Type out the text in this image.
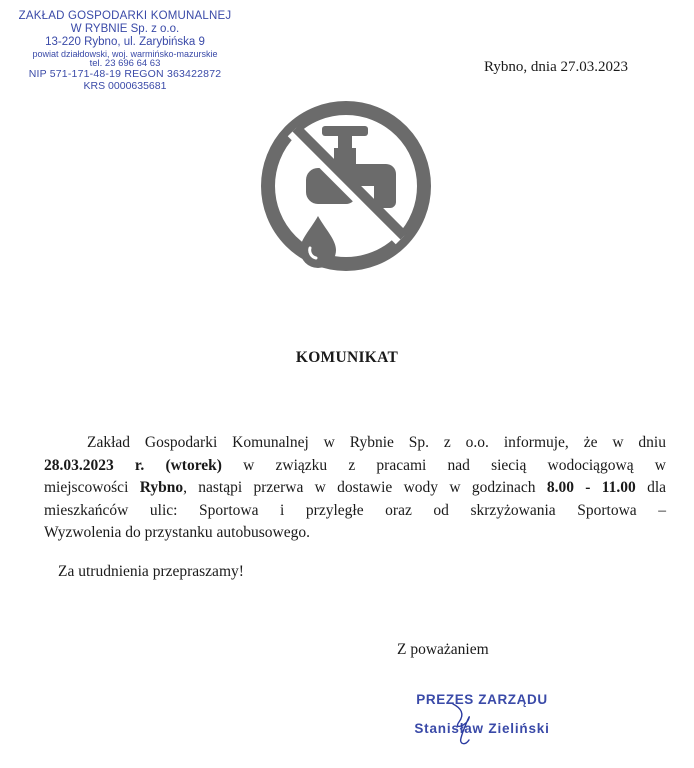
ZAKŁAD GOSPODARKI KOMUNALNEJ
W RYBNIE Sp. z o.o.
13-220 Rybno, ul. Zarybińska 9
powiat działdowski, woj. warmińsko-mazurskie
tel. 23 696 64 63
NIP 571-171-48-19 REGON 363422872
KRS 0000635681
Rybno, dnia 27.03.2023
KOMUNIKAT
Zakład Gospodarki Komunalnej w Rybnie Sp. z o.o. informuje, że w dniu
28.03.2023 r. (wtorek) w związku z pracami nad siecią wodociągową w
miejscowości Rybno, nastąpi przerwa w dostawie wody w godzinach 8.00 - 11.00 dla
mieszkańców ulic: Sportowa i przyległe oraz od skrzyżowania Sportowa –
Wyzwolenia do przystanku autobusowego.
Za utrudnienia przepraszamy!
Z poważaniem
PREZES ZARZĄDU
Stanisław Zieliński
